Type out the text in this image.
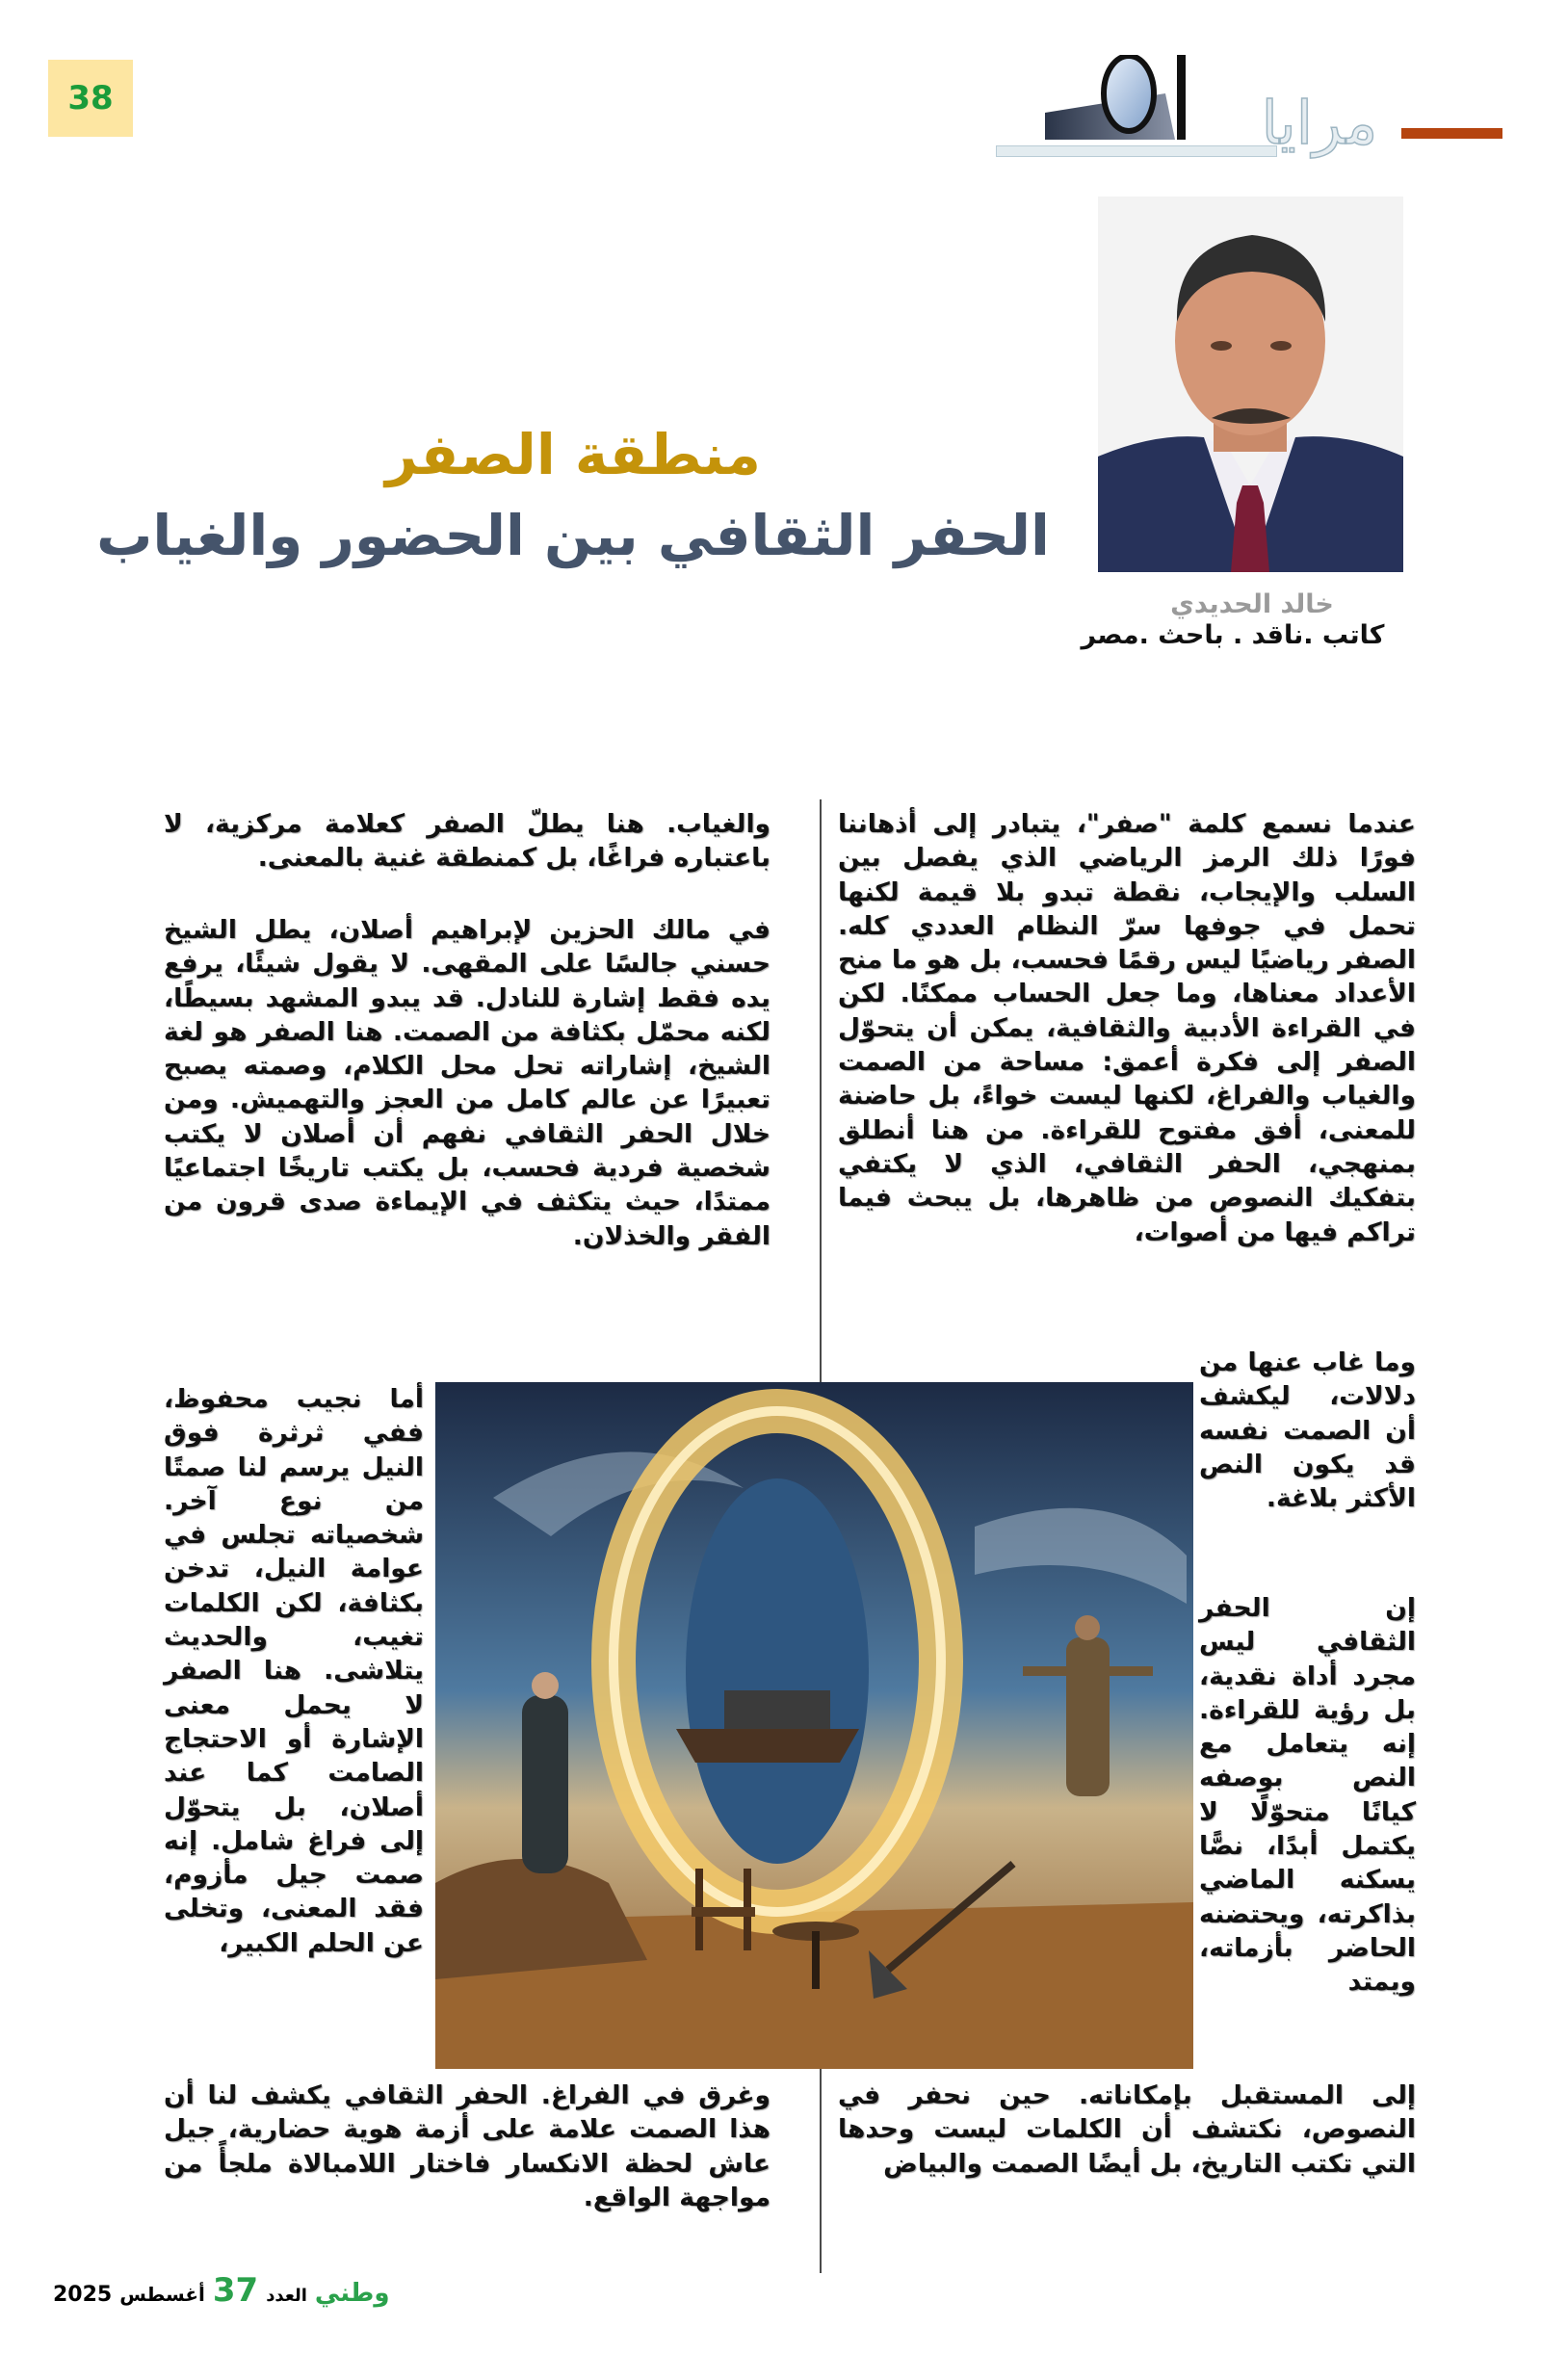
38	مرايا
خالد الحديدي
كاتب .ناقد . باحث .مصر
منطقة الصفر
الحفر الثقافي بين الحضور والغياب
عندما نسمع كلمة "صفر"، يتبادر إلى أذهاننا فورًا ذلك الرمز الرياضي الذي يفصل بين السلب والإيجاب، نقطة تبدو بلا قيمة لكنها تحمل في جوفها سرّ النظام العددي كله. الصفر رياضيًا ليس رقمًا فحسب، بل هو ما منح الأعداد معناها، وما جعل الحساب ممكنًا. لكن في القراءة الأدبية والثقافية، يمكن أن يتحوّل الصفر إلى فكرة أعمق: مساحة من الصمت والغياب والفراغ، لكنها ليست خواءً، بل حاضنة للمعنى، أفق مفتوح للقراءة. من هنا أنطلق بمنهجي، الحفر الثقافي، الذي لا يكتفي بتفكيك النصوص من ظاهرها، بل يبحث فيما تراكم فيها من أصوات،
وما غاب عنها من دلالات، ليكشف أن الصمت نفسه قد يكون النص الأكثر بلاغة.
إن الحفر الثقافي ليس مجرد أداة نقدية، بل رؤية للقراءة. إنه يتعامل مع النص بوصفه كيانًا متحوّلًا لا يكتمل أبدًا، نصًّا يسكنه الماضي بذاكرته، ويحتضنه الحاضر بأزماته، ويمتد
إلى المستقبل بإمكاناته. حين نحفر في النصوص، نكتشف أن الكلمات ليست وحدها التي تكتب التاريخ، بل أيضًا الصمت والبياض
والغياب. هنا يطلّ الصفر كعلامة مركزية، لا باعتباره فراغًا، بل كمنطقة غنية بالمعنى.
في مالك الحزين لإبراهيم أصلان، يطل الشيخ حسني جالسًا على المقهى. لا يقول شيئًا، يرفع يده فقط إشارة للنادل. قد يبدو المشهد بسيطًا، لكنه محمّل بكثافة من الصمت. هنا الصفر هو لغة الشيخ، إشاراته تحل محل الكلام، وصمته يصبح تعبيرًا عن عالم كامل من العجز والتهميش. ومن خلال الحفر الثقافي نفهم أن أصلان لا يكتب شخصية فردية فحسب، بل يكتب تاريخًا اجتماعيًا ممتدًا، حيث يتكثف في الإيماءة صدى قرون من الفقر والخذلان.
أما نجيب محفوظ، ففي ثرثرة فوق النيل يرسم لنا صمتًا من نوع آخر. شخصياته تجلس في عوامة النيل، تدخن بكثافة، لكن الكلمات تغيب، والحديث يتلاشى. هنا الصفر لا يحمل معنى الإشارة أو الاحتجاج الصامت كما عند أصلان، بل يتحوّل إلى فراغ شامل. إنه صمت جيل مأزوم، فقد المعنى، وتخلى عن الحلم الكبير،
وغرق في الفراغ. الحفر الثقافي يكشف لنا أن هذا الصمت علامة على أزمة هوية حضارية، جيل عاش لحظة الانكسار فاختار اللامبالاة ملجأً من مواجهة الواقع.
وطني
العدد
37
أغسطس
2025
